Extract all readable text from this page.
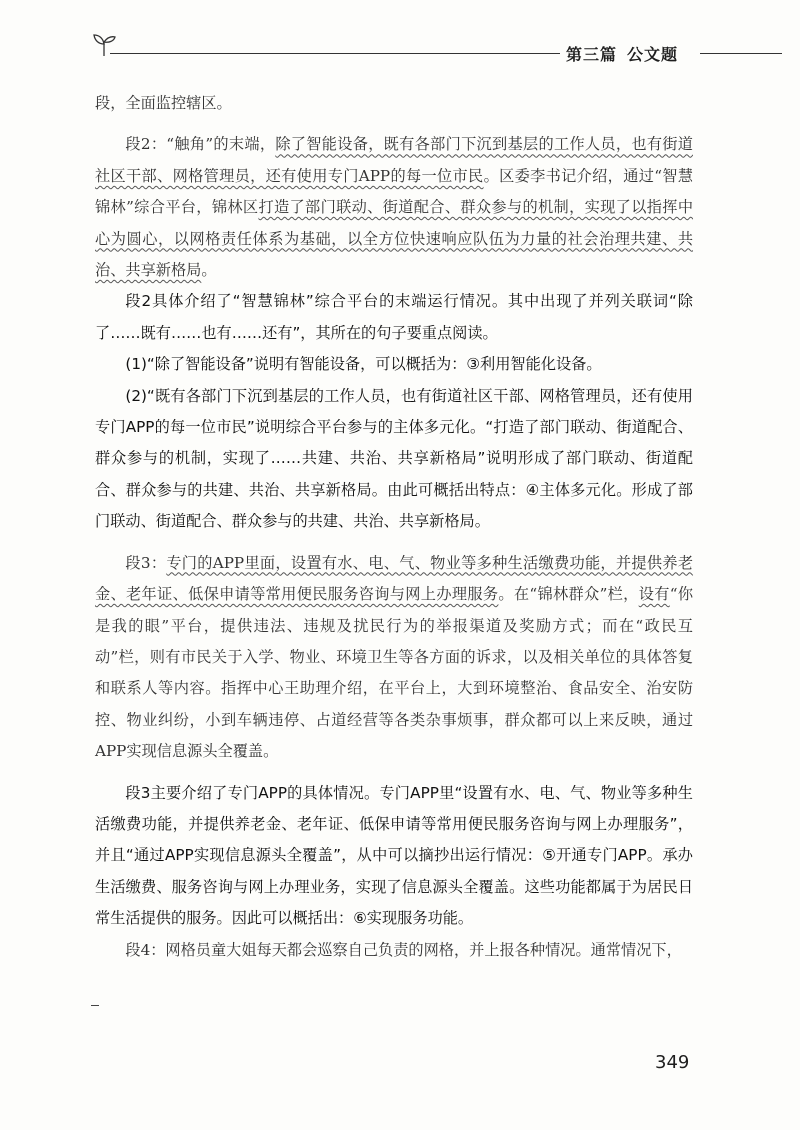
第三篇 公文题

段，全面监控辖区。

段2：“触角”的末端，除了智能设备，既有各部门下沉到基层的工作人员，也有街道社区干部、网格管理员，还有使用专门APP的每一位市民。区委李书记介绍，通过“智慧锦林”综合平台，锦林区打造了部门联动、街道配合、群众参与的机制，实现了以指挥中心为圆心，以网格责任体系为基础，以全方位快速响应队伍为力量的社会治理共建、共治、共享新格局。

段2具体介绍了“智慧锦林”综合平台的末端运行情况。其中出现了并列关联词“除了……既有……也有……还有”，其所在的句子要重点阅读。

(1)“除了智能设备”说明有智能设备，可以概括为：③利用智能化设备。

(2)“既有各部门下沉到基层的工作人员，也有街道社区干部、网格管理员，还有使用专门APP的每一位市民”说明综合平台参与的主体多元化。“打造了部门联动、街道配合、群众参与的机制，实现了……共建、共治、共享新格局”说明形成了部门联动、街道配合、群众参与的共建、共治、共享新格局。由此可概括出特点：④主体多元化。形成了部门联动、街道配合、群众参与的共建、共治、共享新格局。

段3：专门的APP里面，设置有水、电、气、物业等多种生活缴费功能，并提供养老金、老年证、低保申请等常用便民服务咨询与网上办理服务。在“锦林群众”栏，设有“你是我的眼”平台，提供违法、违规及扰民行为的举报渠道及奖励方式；而在“政民互动”栏，则有市民关于入学、物业、环境卫生等各方面的诉求，以及相关单位的具体答复和联系人等内容。指挥中心王助理介绍，在平台上，大到环境整治、食品安全、治安防控、物业纠纷，小到车辆违停、占道经营等各类杂事烦事，群众都可以上来反映，通过APP实现信息源头全覆盖。

段3主要介绍了专门APP的具体情况。专门APP里“设置有水、电、气、物业等多种生活缴费功能，并提供养老金、老年证、低保申请等常用便民服务咨询与网上办理服务”，并且“通过APP实现信息源头全覆盖”，从中可以摘抄出运行情况：⑤开通专门APP。承办生活缴费、服务咨询与网上办理业务，实现了信息源头全覆盖。这些功能都属于为居民日常生活提供的服务。因此可以概括出：⑥实现服务功能。

段4：网格员童大姐每天都会巡察自己负责的网格，并上报各种情况。通常情况下，

349
